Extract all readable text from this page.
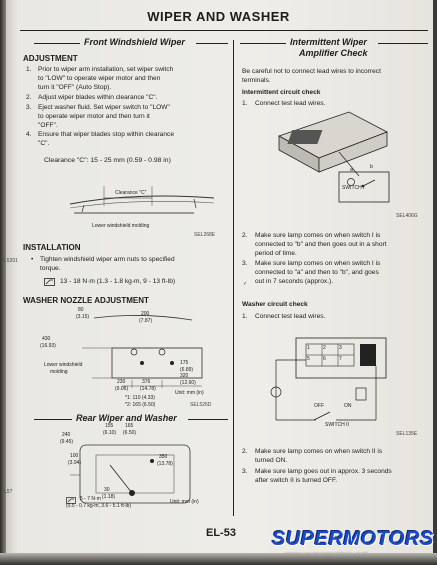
WIPER AND WASHER
Front Windshield Wiper
ADJUSTMENT
1. Prior to wiper arm installation, set wiper switch
to "LOW" to operate wiper motor and then
turn it "OFF" (Auto Stop).
2. Adjust wiper blades within clearance "C".
3. Eject washer fluid. Set wiper switch to "LOW"
to operate wiper motor and then turn it
"OFF".
4. Ensure that wiper blades stop within clearance
"C".
Clearance "C": 15 - 25 mm (0.59 - 0.98 in)
Clearance "C"
Lower windshield molding
SEL268E
INSTALLATION
• Tighten windshield wiper arm nuts to specified
torque.
13 - 18 N·m (1.3 - 1.8 kg-m, 9 - 13 ft-lb)
WASHER NOZZLE ADJUSTMENT
80
(3.15)	200
(7.87)
430
(16.93)
Lower windshield
molding
175
(6.89)
320
(12.60)
230
(9.06)
376
(14.78)
Unit: mm (in)
*1: 110 (4.33)
*2: 165 (6.50)	SEL526D
Rear Wiper and Washer
155
(6.10)
165
(6.50)
240
(9.45)
100
(3.94)
350
(13.78)
30
(1.18)
Unit: mm (in)
5 - 7 N·m
(0.5 - 0.7 kg-m, 3.6 - 5.1 ft-lb)
Intermittent Wiper
Amplifier Check
Be careful not to connect lead wires to incorrect
terminals.
Intermittent circuit check
1. Connect test lead wires.
a	b
SWITCH I
SEL406G
2. Make sure lamp comes on when switch I is
connected to "b" and then goes out in a short
period of time.
3. Make sure lamp comes on when switch I is
connected to "a" and then to "b", and goes
out in 7 seconds (approx.).
✓
Washer circuit check
1. Connect test lead wires.
1	2	3
5	6	7
OFF	ON
SWITCH II
SEL135E
2. Make sure lamp comes on when switch II is
turned ON.
3. Make sure lamp goes out in approx. 3 seconds
after switch II is turned OFF.
L5201
L5?
EL-53 SUPERMOTORS
